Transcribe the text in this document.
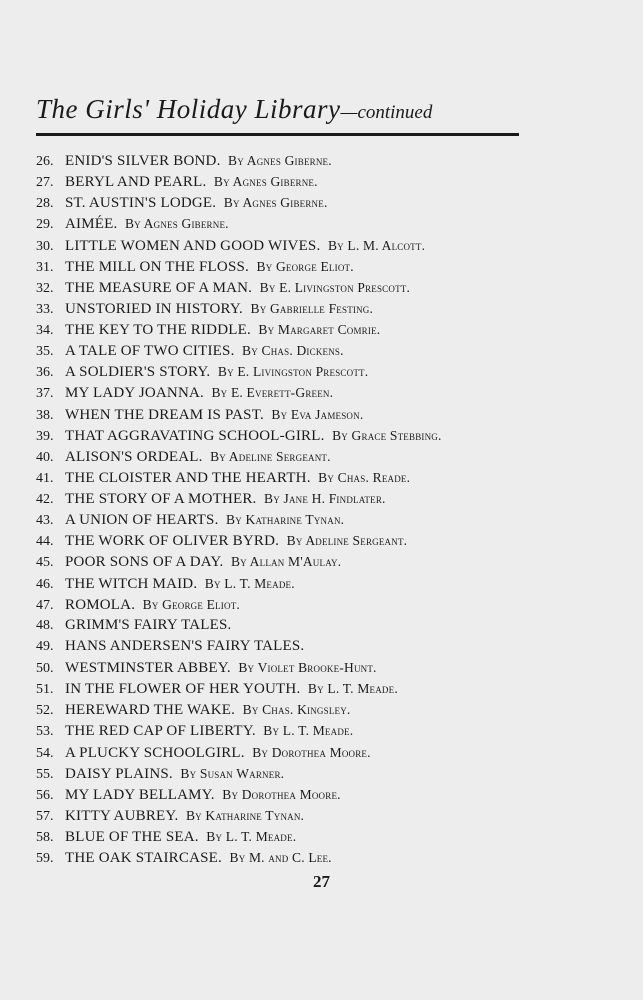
The Girls' Holiday Library—continued
26. ENID'S SILVER BOND. By Agnes Giberne.
27. BERYL AND PEARL. By Agnes Giberne.
28. ST. AUSTIN'S LODGE. By Agnes Giberne.
29. AIMÉE. By Agnes Giberne.
30. LITTLE WOMEN AND GOOD WIVES. By L. M. Alcott.
31. THE MILL ON THE FLOSS. By George Eliot.
32. THE MEASURE OF A MAN. By E. Livingston Prescott.
33. UNSTORIED IN HISTORY. By Gabrielle Festing.
34. THE KEY TO THE RIDDLE. By Margaret Comrie.
35. A TALE OF TWO CITIES. By Chas. Dickens.
36. A SOLDIER'S STORY. By E. Livingston Prescott.
37. MY LADY JOANNA. By E. Everett-Green.
38. WHEN THE DREAM IS PAST. By Eva Jameson.
39. THAT AGGRAVATING SCHOOL-GIRL. By Grace Stebbing.
40. ALISON'S ORDEAL. By Adeline Sergeant.
41. THE CLOISTER AND THE HEARTH. By Chas. Reade.
42. THE STORY OF A MOTHER. By Jane H. Findlater.
43. A UNION OF HEARTS. By Katharine Tynan.
44. THE WORK OF OLIVER BYRD. By Adeline Sergeant.
45. POOR SONS OF A DAY. By Allan M'Aulay.
46. THE WITCH MAID. By L. T. Meade.
47. ROMOLA. By George Eliot.
48. GRIMM'S FAIRY TALES.
49. HANS ANDERSEN'S FAIRY TALES.
50. WESTMINSTER ABBEY. By Violet Brooke-Hunt.
51. IN THE FLOWER OF HER YOUTH. By L. T. Meade.
52. HEREWARD THE WAKE. By Chas. Kingsley.
53. THE RED CAP OF LIBERTY. By L. T. Meade.
54. A PLUCKY SCHOOLGIRL. By Dorothea Moore.
55. DAISY PLAINS. By Susan Warner.
56. MY LADY BELLAMY. By Dorothea Moore.
57. KITTY AUBREY. By Katharine Tynan.
58. BLUE OF THE SEA. By L. T. Meade.
59. THE OAK STAIRCASE. By M. and C. Lee.
27
